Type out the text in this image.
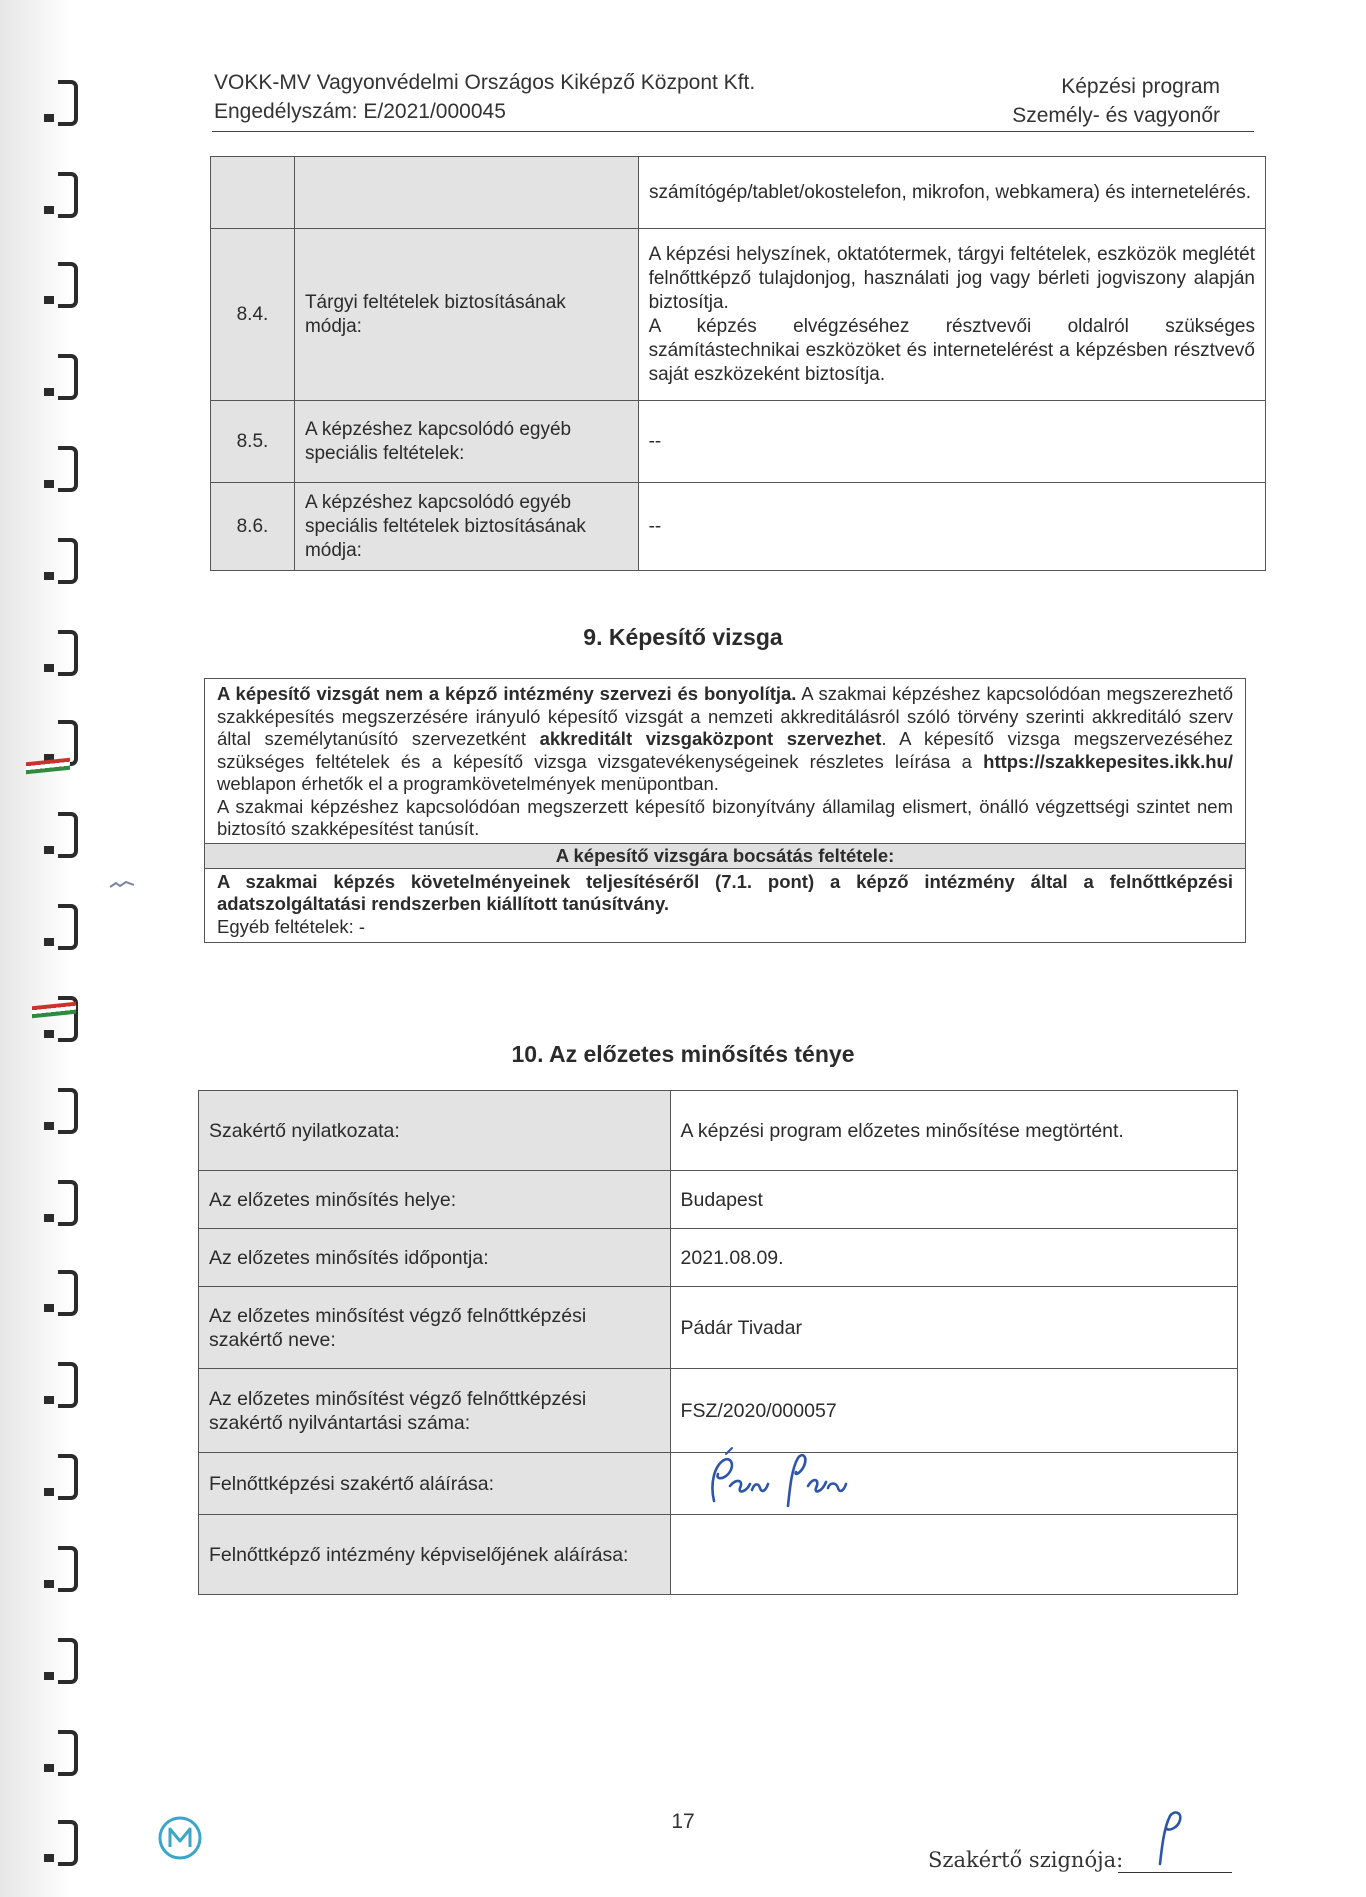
VOKK-MV Vagyonvédelmi Országos Kiképző Központ Kft.
Engedélyszám: E/2021/000045
Képzési program
Személy- és vagyonőr
		számítógép/tablet/okostelefon, mikrofon, webkamera) és internetelérés.
8.4.	Tárgyi feltételek biztosításának módja:	A képzési helyszínek, oktatótermek, tárgyi feltételek, eszközök meglétét felnőttképző tulajdonjog, használati jog vagy bérleti jogviszony alapján biztosítja.
A képzés elvégzéséhez résztvevői oldalról szükséges számítástechnikai eszközöket és internetelérést a képzésben résztvevő saját eszközeként biztosítja.

8.5.	A képzéshez kapcsolódó egyéb speciális feltételek:	--
8.6.	A képzéshez kapcsolódó egyéb speciális feltételek biztosításának módja:	--
9. Képesítő vizsga

A képesítő vizsgát nem a képző intézmény szervezi és bonyolítja. A szakmai képzéshez kapcsolódóan megszerezhető szakképesítés megszerzésére irányuló képesítő vizsgát a nemzeti akkreditálásról szóló törvény szerinti akkreditáló szerv által személytanúsító szervezetként akkreditált vizsgaközpont szervezhet. A képesítő vizsga megszervezéséhez szükséges feltételek és a képesítő vizsga vizsgatevékenységeinek részletes leírása a https://szakkepesites.ikk.hu/ weblapon érhetők el a programkövetelmények menüpontban.

A szakmai képzéshez kapcsolódóan megszerzett képesítő bizonyítvány államilag elismert, önálló végzettségi szintet nem biztosító szakképesítést tanúsít.

A képesítő vizsgára bocsátás feltétele:
A szakmai képzés követelményeinek teljesítéséről (7.1. pont) a képző intézmény által a felnőttképzési adatszolgáltatási rendszerben kiállított tanúsítvány.
Egyéb feltételek: -
10. Az előzetes minősítés ténye
Szakértő nyilatkozata:	A képzési program előzetes minősítése megtörtént.
Az előzetes minősítés helye:	Budapest
Az előzetes minősítés időpontja:	2021.08.09.
Az előzetes minősítést végző felnőttképzési szakértő neve:	Pádár Tivadar
Az előzetes minősítést végző felnőttképzési szakértő nyilvántartási száma:	FSZ/2020/000057
Felnőttképzési szakértő aláírása:	
Felnőttképző intézmény képviselőjének aláírása:	
17
Szakértő szignója:
